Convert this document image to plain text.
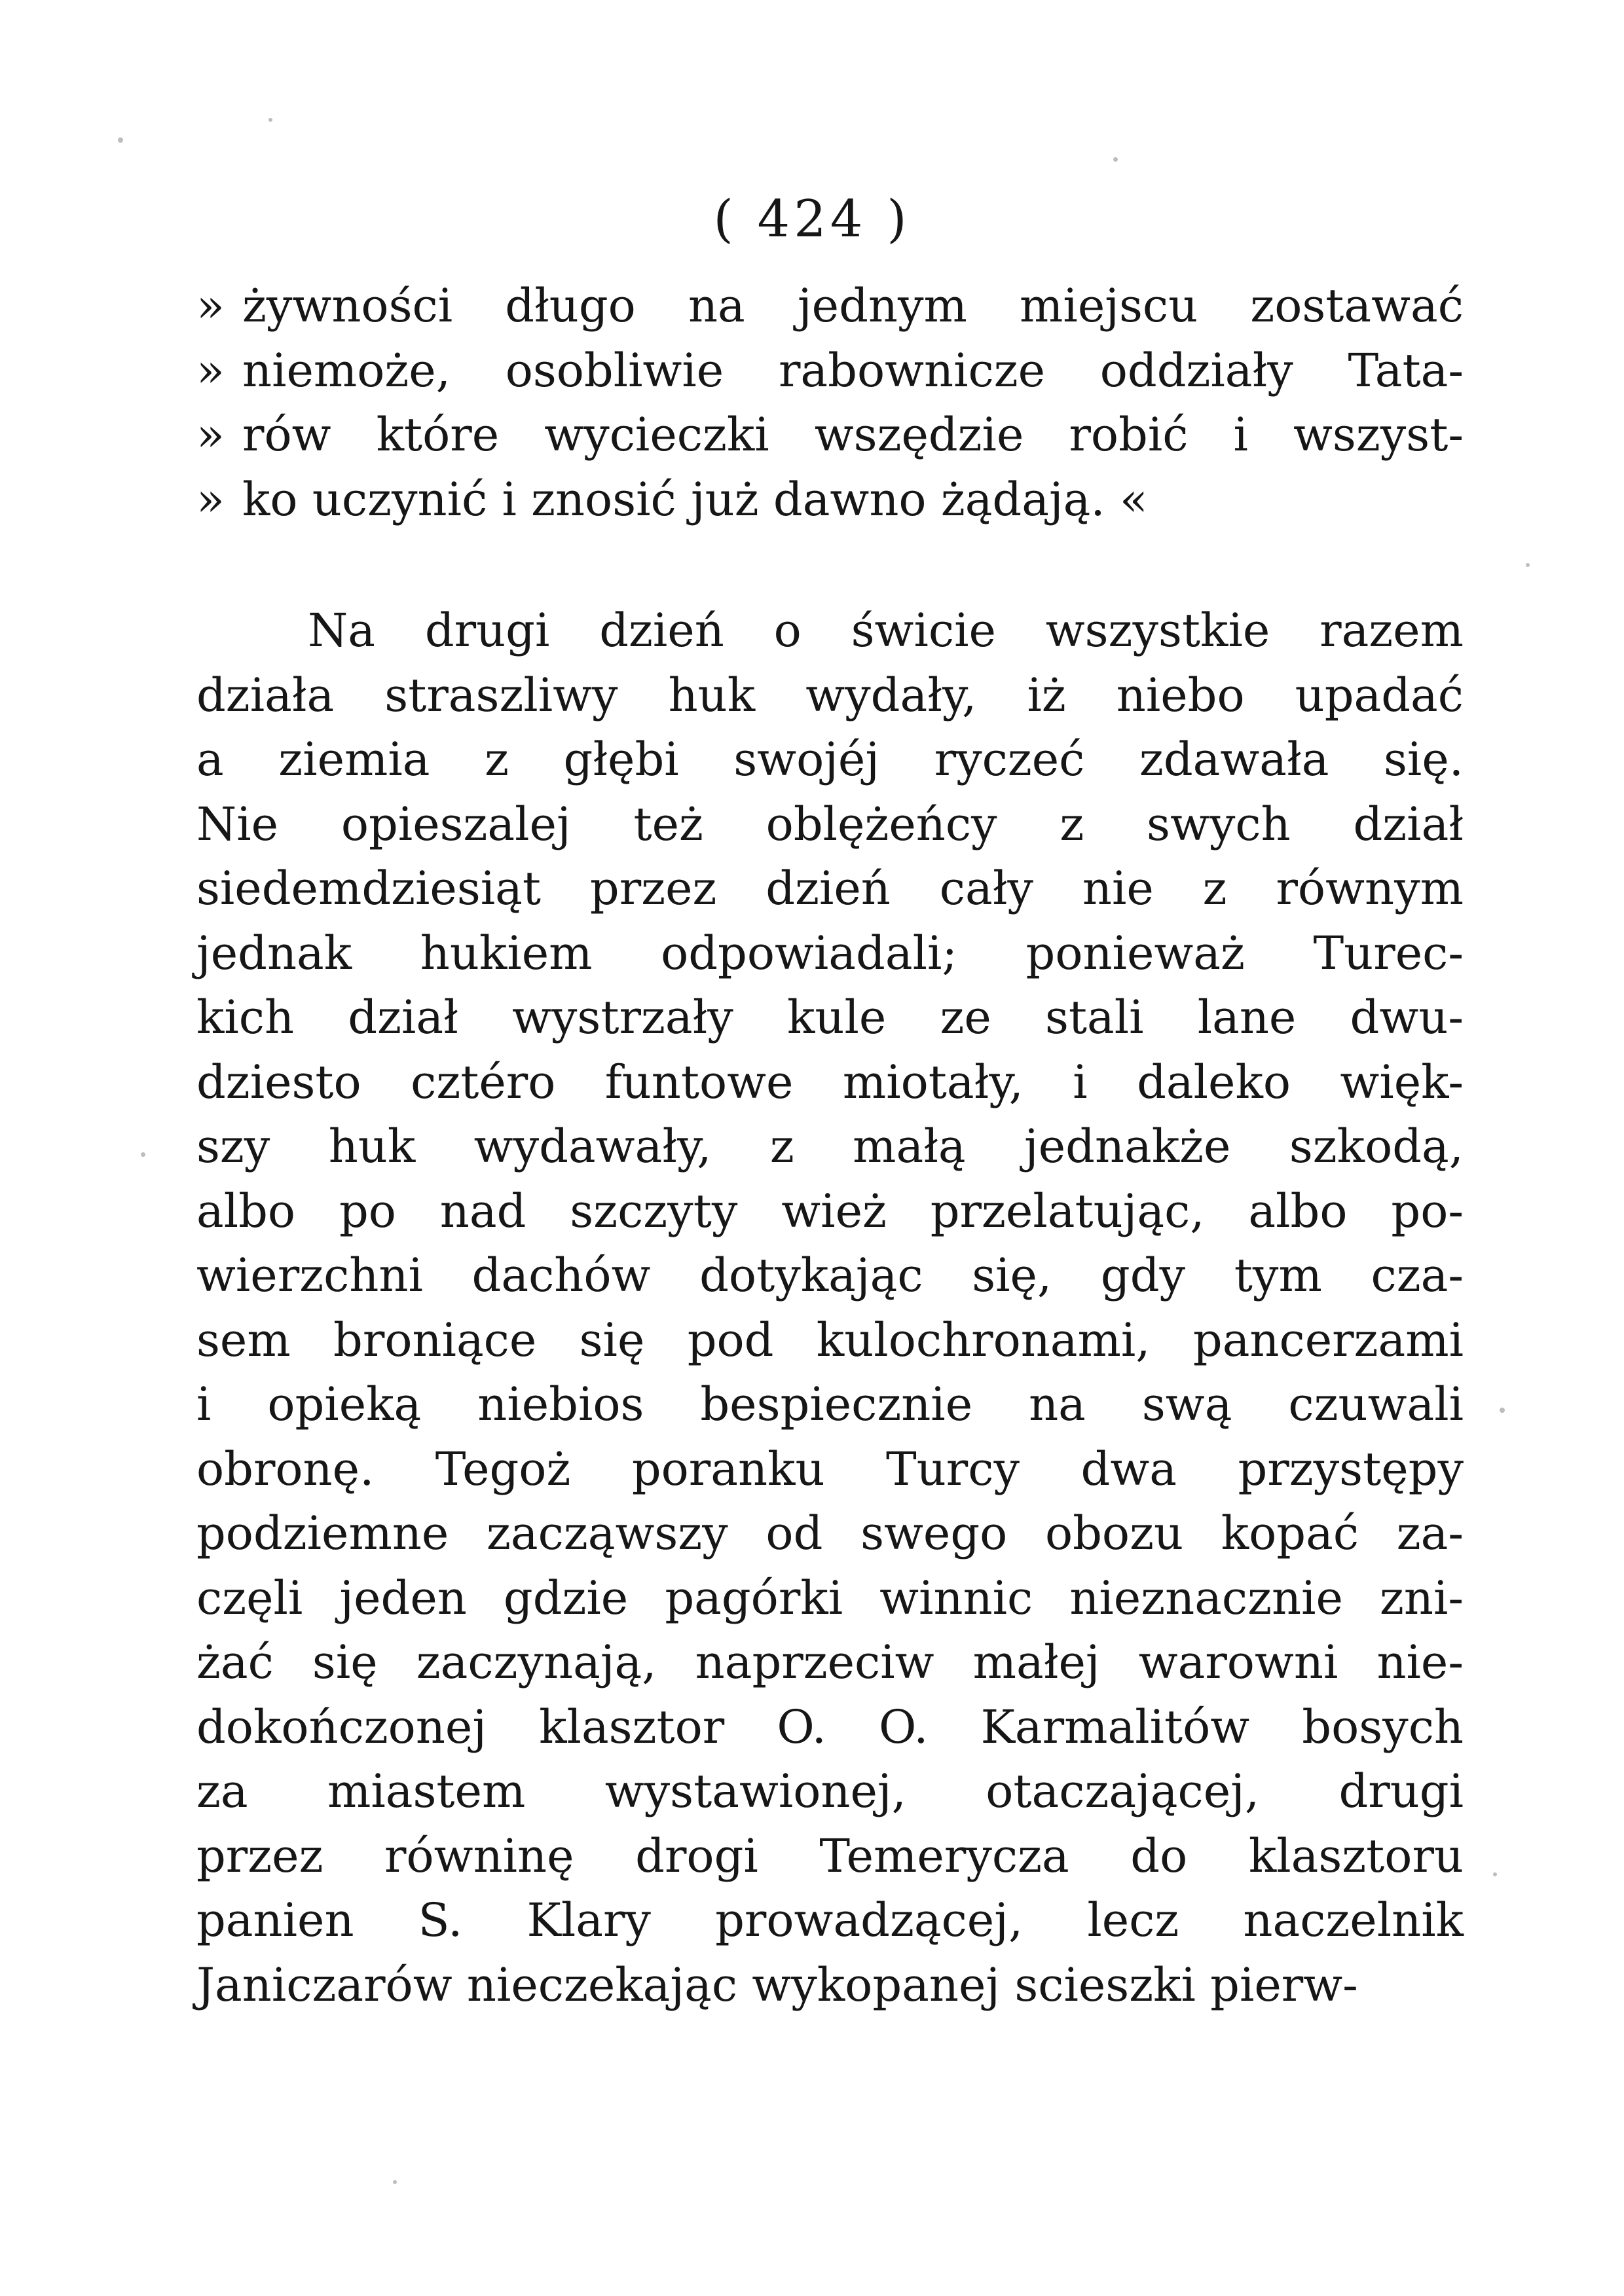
( 424 )
» żywności długo na jednym miejscu zostawać
» niemoże, osobliwie rabownicze oddziały Tata-
» rów które wycieczki wszędzie robić i wszyst-
» ko uczynić i znosić już dawno żądają. «
Na drugi dzień o świcie wszystkie razem
działa straszliwy huk wydały, iż niebo upadać
a ziemia z głębi swojéj ryczeć zdawała się.
Nie opieszalej też oblężeńcy z swych dział
siedemdziesiąt przez dzień cały nie z równym
jednak hukiem odpowiadali; ponieważ Turec-
kich dział wystrzały kule ze stali lane dwu-
dziesto cztéro funtowe miotały, i daleko więk-
szy huk wydawały, z małą jednakże szkodą,
albo po nad szczyty wież przelatując, albo po-
wierzchni dachów dotykając się, gdy tym cza-
sem broniące się pod kulochronami, pancerzami
i opieką niebios bespiecznie na swą czuwali
obronę. Tegoż poranku Turcy dwa przystępy
podziemne zacząwszy od swego obozu kopać za-
częli jeden gdzie pagórki winnic nieznacznie zni-
żać się zaczynają, naprzeciw małej warowni nie-
dokończonej klasztor O. O. Karmalitów bosych
za miastem wystawionej, otaczającej, drugi
przez równinę drogi Temerycza do klasztoru
panien S. Klary prowadzącej, lecz naczelnik
Janiczarów nieczekając wykopanej scieszki pierw-
